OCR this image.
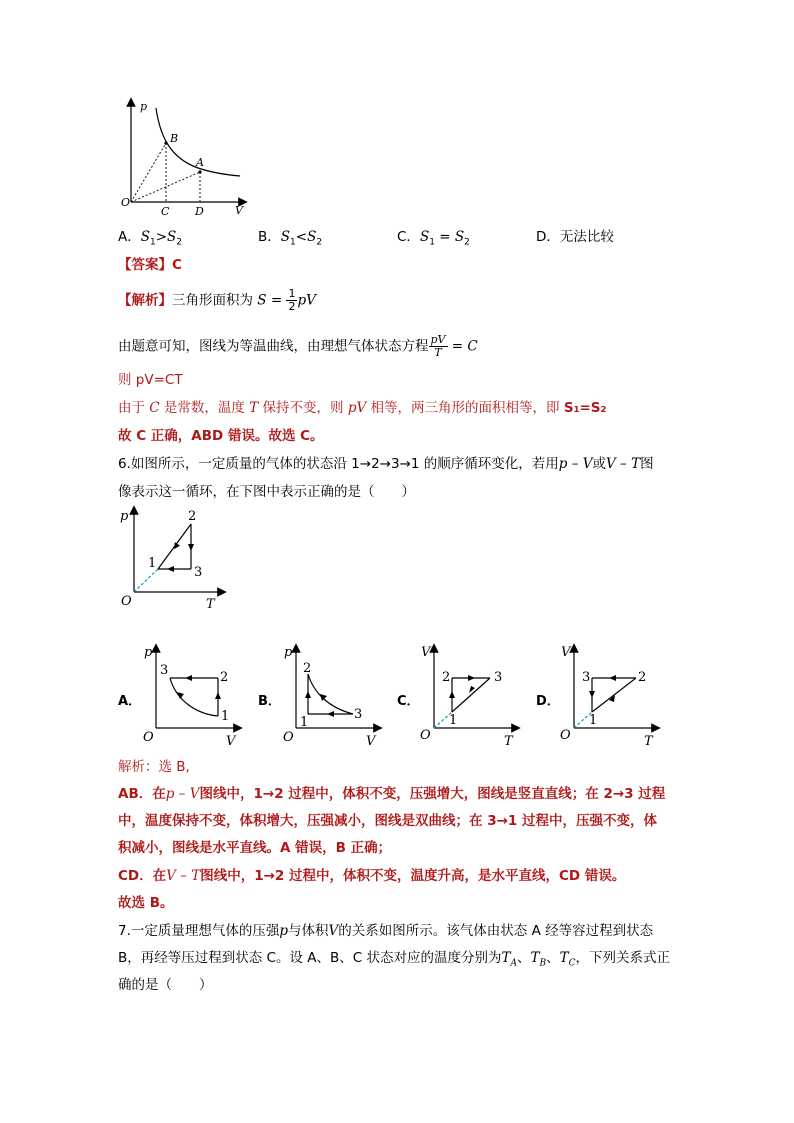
p
B
A
O
C D	V
A．$S_1>S_2$	B．$S_1<S_2$	C．$S_1 = S_2$	D．无法比较
【答案】C
【解析】三角形面积为 $S = \frac{1}{2}$ pV
由题意可知，图线为等温曲线，由理想气体状态方程 $\frac{pV}{T} = C$
则 pV=CT
由于 C 是常数，温度 T 保持不变，则 pV 相等，两三角形的面积相等，即 S₁=S₂
故 C 正确，ABD 错误。故选 C。
6.如图所示，一定质量的气体的状态沿 1→2→3→1 的顺序循环变化，若用p – V或V – T图
像表示这一循环，在下图中表示正确的是（　　）
p	2
1
3
O	T
A．
p
3	2
1
O	V
B．
p
2
1
3
O	V
C．
V
2	3
1
O	T
D．
V
3	2
1
O	T
解析：选 B,
AB．在p – V图线中，1→2 过程中，体积不变，压强增大，图线是竖直直线；在 2→3 过程
中，温度保持不变，体积增大，压强减小，图线是双曲线；在 3→1 过程中，压强不变，体
积减小，图线是水平直线。A 错误，B 正确；
CD．在V – T图线中，1→2 过程中，体积不变，温度升高，是水平直线，CD 错误。
故选 B。
7.一定质量理想气体的压强p与体积V的关系如图所示。该气体由状态 A 经等容过程到状态
B，再经等压过程到状态 C。设 A、B、C 状态对应的温度分别为$T_A$、$T_B$、$T_C$，下列关系式正
确的是（　　）
